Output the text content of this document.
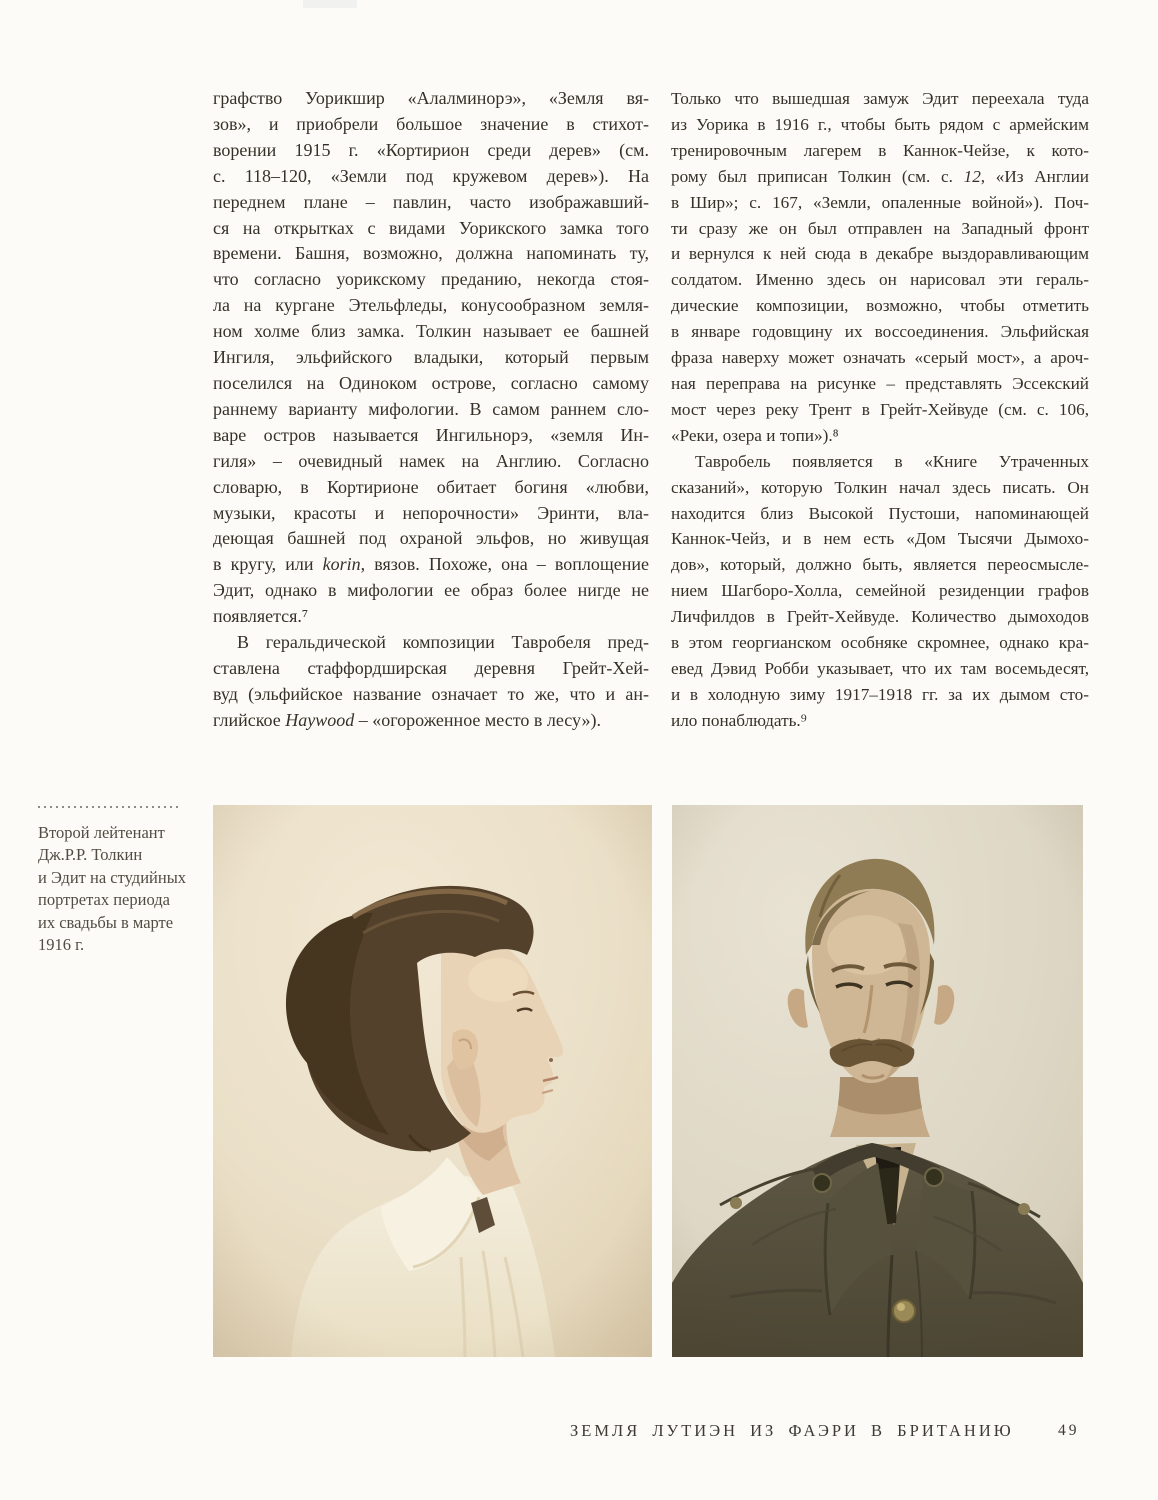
графство Уорикшир «Алалминорэ», «Земля вя-
зов», и приобрели большое значение в стихот-
ворении 1915 г. «Кортирион среди дерев» (см.
с. 118–120, «Земли под кружевом дерев»). На
переднем плане – павлин, часто изображавший-
ся на открытках с видами Уорикского замка того
времени. Башня, возможно, должна напоминать ту,
что согласно уорикскому преданию, некогда стоя-
ла на кургане Этельфледы, конусообразном земля-
ном холме близ замка. Толкин называет ее башней
Ингиля, эльфийского владыки, который первым
поселился на Одиноком острове, согласно самому
раннему варианту мифологии. В самом раннем сло-
варе остров называется Ингильнорэ, «земля Ин-
гиля» – очевидный намек на Англию. Согласно
словарю, в Кортирионе обитает богиня «любви,
музыки, красоты и непорочности» Эринти, вла-
деющая башней под охраной эльфов, но живущая
в кругу, или korin, вязов. Похоже, она – воплощение
Эдит, однако в мифологии ее образ более нигде не
появляется.⁷
В геральдической композиции Тавробеля пред-
ставлена стаффордширская деревня Грейт-Хей-
вуд (эльфийское название означает то же, что и ан-
глийское Haywood – «огороженное место в лесу»).
Только что вышедшая замуж Эдит переехала туда
из Уорика в 1916 г., чтобы быть рядом с армейским
тренировочным лагерем в Каннок-Чейзе, к кото-
рому был приписан Толкин (см. с. 12, «Из Англии
в Шир»; с. 167, «Земли, опаленные войной»). Поч-
ти сразу же он был отправлен на Западный фронт
и вернулся к ней сюда в декабре выздоравливающим
солдатом. Именно здесь он нарисовал эти гераль-
дические композиции, возможно, чтобы отметить
в январе годовщину их воссоединения. Эльфийская
фраза наверху может означать «серый мост», а ароч-
ная переправа на рисунке – представлять Эссекский
мост через реку Трент в Грейт-Хейвуде (см. с. 106,
«Реки, озера и топи»).⁸
Тавробель появляется в «Книге Утраченных
сказаний», которую Толкин начал здесь писать. Он
находится близ Высокой Пустоши, напоминающей
Каннок-Чейз, и в нем есть «Дом Тысячи Дымохо-
дов», который, должно быть, является переосмысле-
нием Шагборо-Холла, семейной резиденции графов
Личфилдов в Грейт-Хейвуде. Количество дымоходов
в этом георгианском особняке скромнее, однако кра-
евед Дэвид Робби указывает, что их там восемьдесят,
и в холодную зиму 1917–1918 гг. за их дымом сто-
ило понаблюдать.⁹
Второй лейтенант
Дж.Р.Р. Толкин
и Эдит на студийных
портретах периода
их свадьбы в марте
1916 г.
ЗЕМЛЯ ЛУТИЭН ИЗ ФАЭРИ В БРИТАНИЮ	49
